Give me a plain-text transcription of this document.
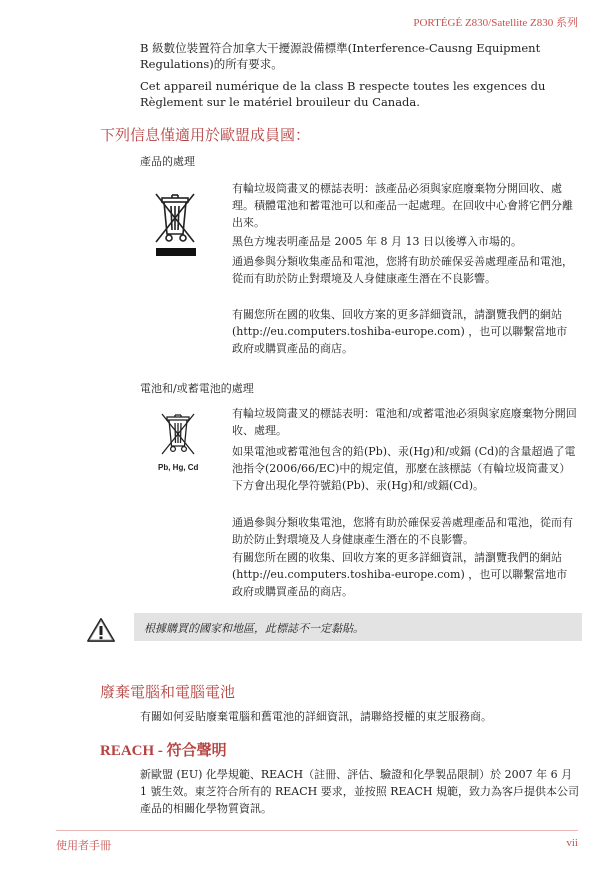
PORTÉGÉ Z830/Satellite Z830 系列
B 級數位裝置符合加拿大干擾源設備標準(Interference-Causng Equipment Regulations)的所有要求。
Cet appareil numérique de la class B respecte toutes les exgences du Règlement sur le matériel brouileur du Canada.
下列信息僅適用於歐盟成員國：
產品的處理
有輪垃圾筒畫叉的標誌表明：該產品必須與家庭廢棄物分開回收、處理。積體電池和蓄電池可以和產品一起處理。在回收中心會將它們分離出來。
黑色方塊表明產品是 2005 年 8 月 13 日以後導入市場的。
通過參與分類收集產品和電池，您將有助於確保妥善處理產品和電池，從而有助於防止對環境及人身健康產生潛在不良影響。
有關您所在國的收集、回收方案的更多詳細資訊，請瀏覽我們的網站(http://eu.computers.toshiba-europe.com) ，也可以聯繫當地市政府或購買產品的商店。
電池和/或蓄電池的處理
Pb, Hg, Cd
有輪垃圾筒畫叉的標誌表明：電池和/或蓄電池必須與家庭廢棄物分開回收、處理。
如果電池或蓄電池包含的鉛(Pb)、汞(Hg)和/或鎘 (Cd)的含量超過了電池指令(2006/66/EC)中的規定值，那麼在該標誌（有輪垃圾筒畫叉）下方會出現化學符號鉛(Pb)、汞(Hg)和/或鎘(Cd)。
通過參與分類收集電池，您將有助於確保妥善處理產品和電池，從而有助於防止對環境及人身健康產生潛在的不良影響。
有關您所在國的收集、回收方案的更多詳細資訊，請瀏覽我們的網站(http://eu.computers.toshiba-europe.com) ，也可以聯繫當地市政府或購買產品的商店。
根據購買的國家和地區，此標誌不一定黏貼。
廢棄電腦和電腦電池
有關如何妥貼廢棄電腦和舊電池的詳細資訊，請聯絡授權的東芝服務商。
REACH - 符合聲明
新歐盟 (EU) 化學規範、REACH（註冊、評估、驗證和化學製品限制）於 2007 年 6 月 1 號生效。東芝符合所有的 REACH 要求，並按照 REACH 規範，致力為客戶提供本公司產品的相關化學物質資訊。
使用者手冊	vii
